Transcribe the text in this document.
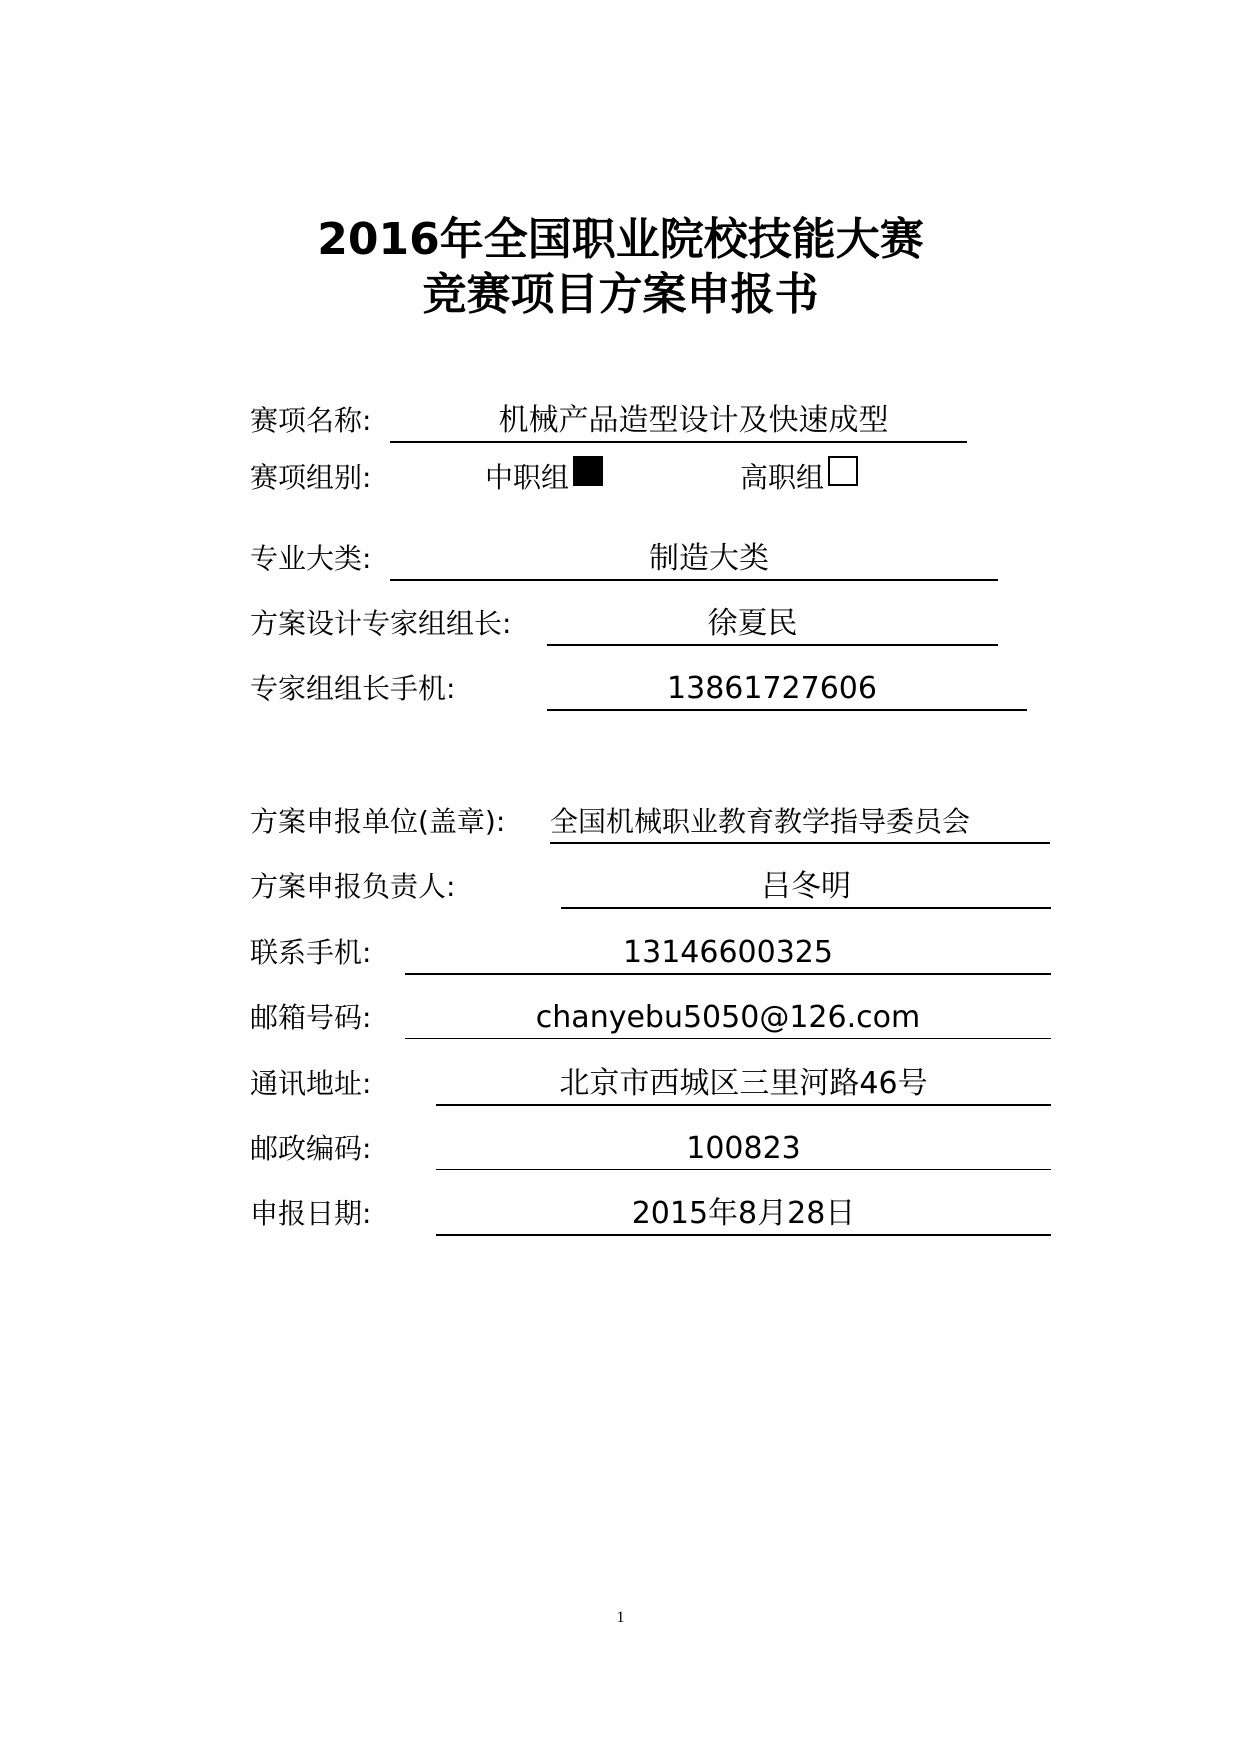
2016年全国职业院校技能大赛
竞赛项目方案申报书
赛项名称:	机械产品造型设计及快速成型
赛项组别:	中职组	高职组
专业大类:	制造大类
方案设计专家组组长:	徐夏民
专家组组长手机:	13861727606
方案申报单位(盖章): 全国机械职业教育教学指导委员会
方案申报负责人:	吕冬明
联系手机:	13146600325
邮箱号码:	chanyebu5050@126.com
通讯地址:	北京市西城区三里河路46号
邮政编码:	100823
申报日期:	2015年8月28日
1
